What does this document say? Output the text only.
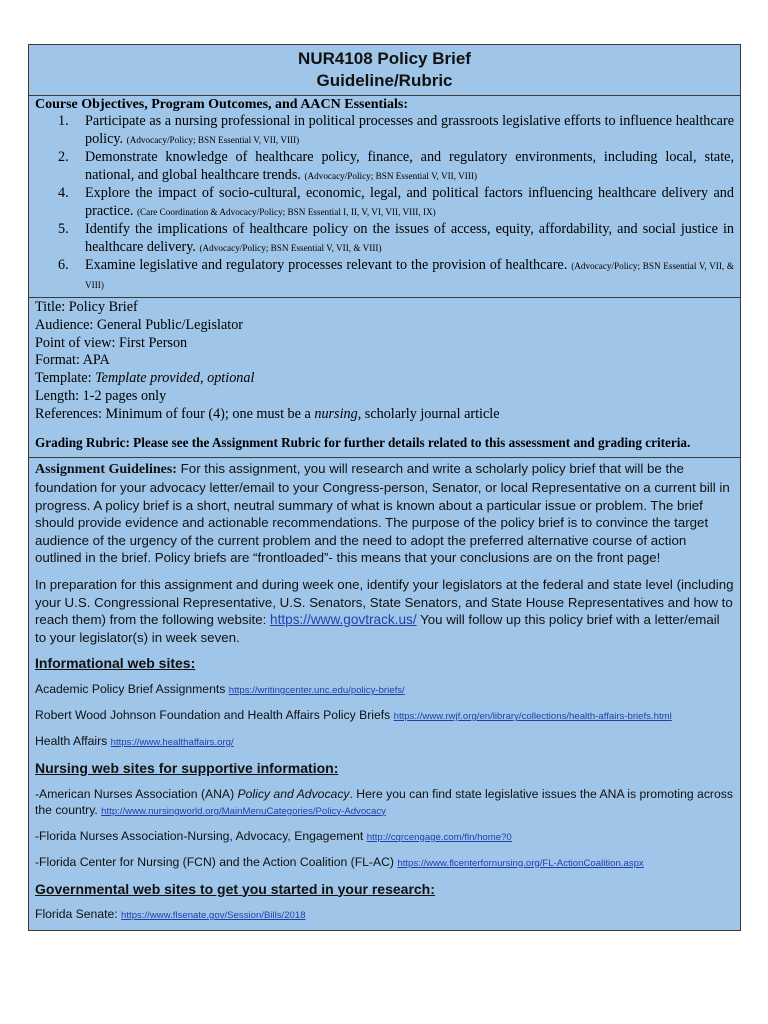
NUR4108 Policy Brief
Guideline/Rubric
Course Objectives, Program Outcomes, and AACN Essentials:
1. Participate as a nursing professional in political processes and grassroots legislative efforts to influence healthcare policy. (Advocacy/Policy; BSN Essential V, VII, VIII)
2. Demonstrate knowledge of healthcare policy, finance, and regulatory environments, including local, state, national, and global healthcare trends. (Advocacy/Policy; BSN Essential V, VII, VIII)
4. Explore the impact of socio-cultural, economic, legal, and political factors influencing healthcare delivery and practice. (Care Coordination & Advocacy/Policy; BSN Essential I, II, V, VI, VII, VIII, IX)
5. Identify the implications of healthcare policy on the issues of access, equity, affordability, and social justice in healthcare delivery. (Advocacy/Policy; BSN Essential V, VII, & VIII)
6. Examine legislative and regulatory processes relevant to the provision of healthcare. (Advocacy/Policy; BSN Essential V, VII, & VIII)

Title: Policy Brief

Audience: General Public/Legislator

Point of view: First Person

Format: APA

Template: Template provided, optional

Length: 1-2 pages only

References: Minimum of four (4); one must be a nursing, scholarly journal article

Grading Rubric: Please see the Assignment Rubric for further details related to this assessment and grading criteria.

Assignment Guidelines: For this assignment, you will research and write a scholarly policy brief that will be the foundation for your advocacy letter/email to your Congress-person, Senator, or local Representative on a current bill in progress. A policy brief is a short, neutral summary of what is known about a particular issue or problem. The brief should provide evidence and actionable recommendations. The purpose of the policy brief is to convince the target audience of the urgency of the current problem and the need to adopt the preferred alternative course of action outlined in the brief. Policy briefs are “frontloaded”- this means that your conclusions are on the front page!

In preparation for this assignment and during week one, identify your legislators at the federal and state level (including your U.S. Congressional Representative, U.S. Senators, State Senators, and State House Representatives and how to reach them) from the following website: https://www.govtrack.us/ You will follow up this policy brief with a letter/email to your legislator(s) in week seven.

Informational web sites:
Academic Policy Brief Assignments https://writingcenter.unc.edu/policy-briefs/
Robert Wood Johnson Foundation and Health Affairs Policy Briefs https://www.rwjf.org/en/library/collections/health-affairs-briefs.html
Health Affairs https://www.healthaffairs.org/
Nursing web sites for supportive information:
-American Nurses Association (ANA) Policy and Advocacy. Here you can find state legislative issues the ANA is promoting across the country. http://www.nursingworld.org/MainMenuCategories/Policy-Advocacy
-Florida Nurses Association-Nursing, Advocacy, Engagement http://cqrcengage.com/fln/home?0
-Florida Center for Nursing (FCN) and the Action Coalition (FL-AC) https://www.flcenterfornursing.org/FL-ActionCoalition.aspx
Governmental web sites to get you started in your research:
Florida Senate: https://www.flsenate.gov/Session/Bills/2018
